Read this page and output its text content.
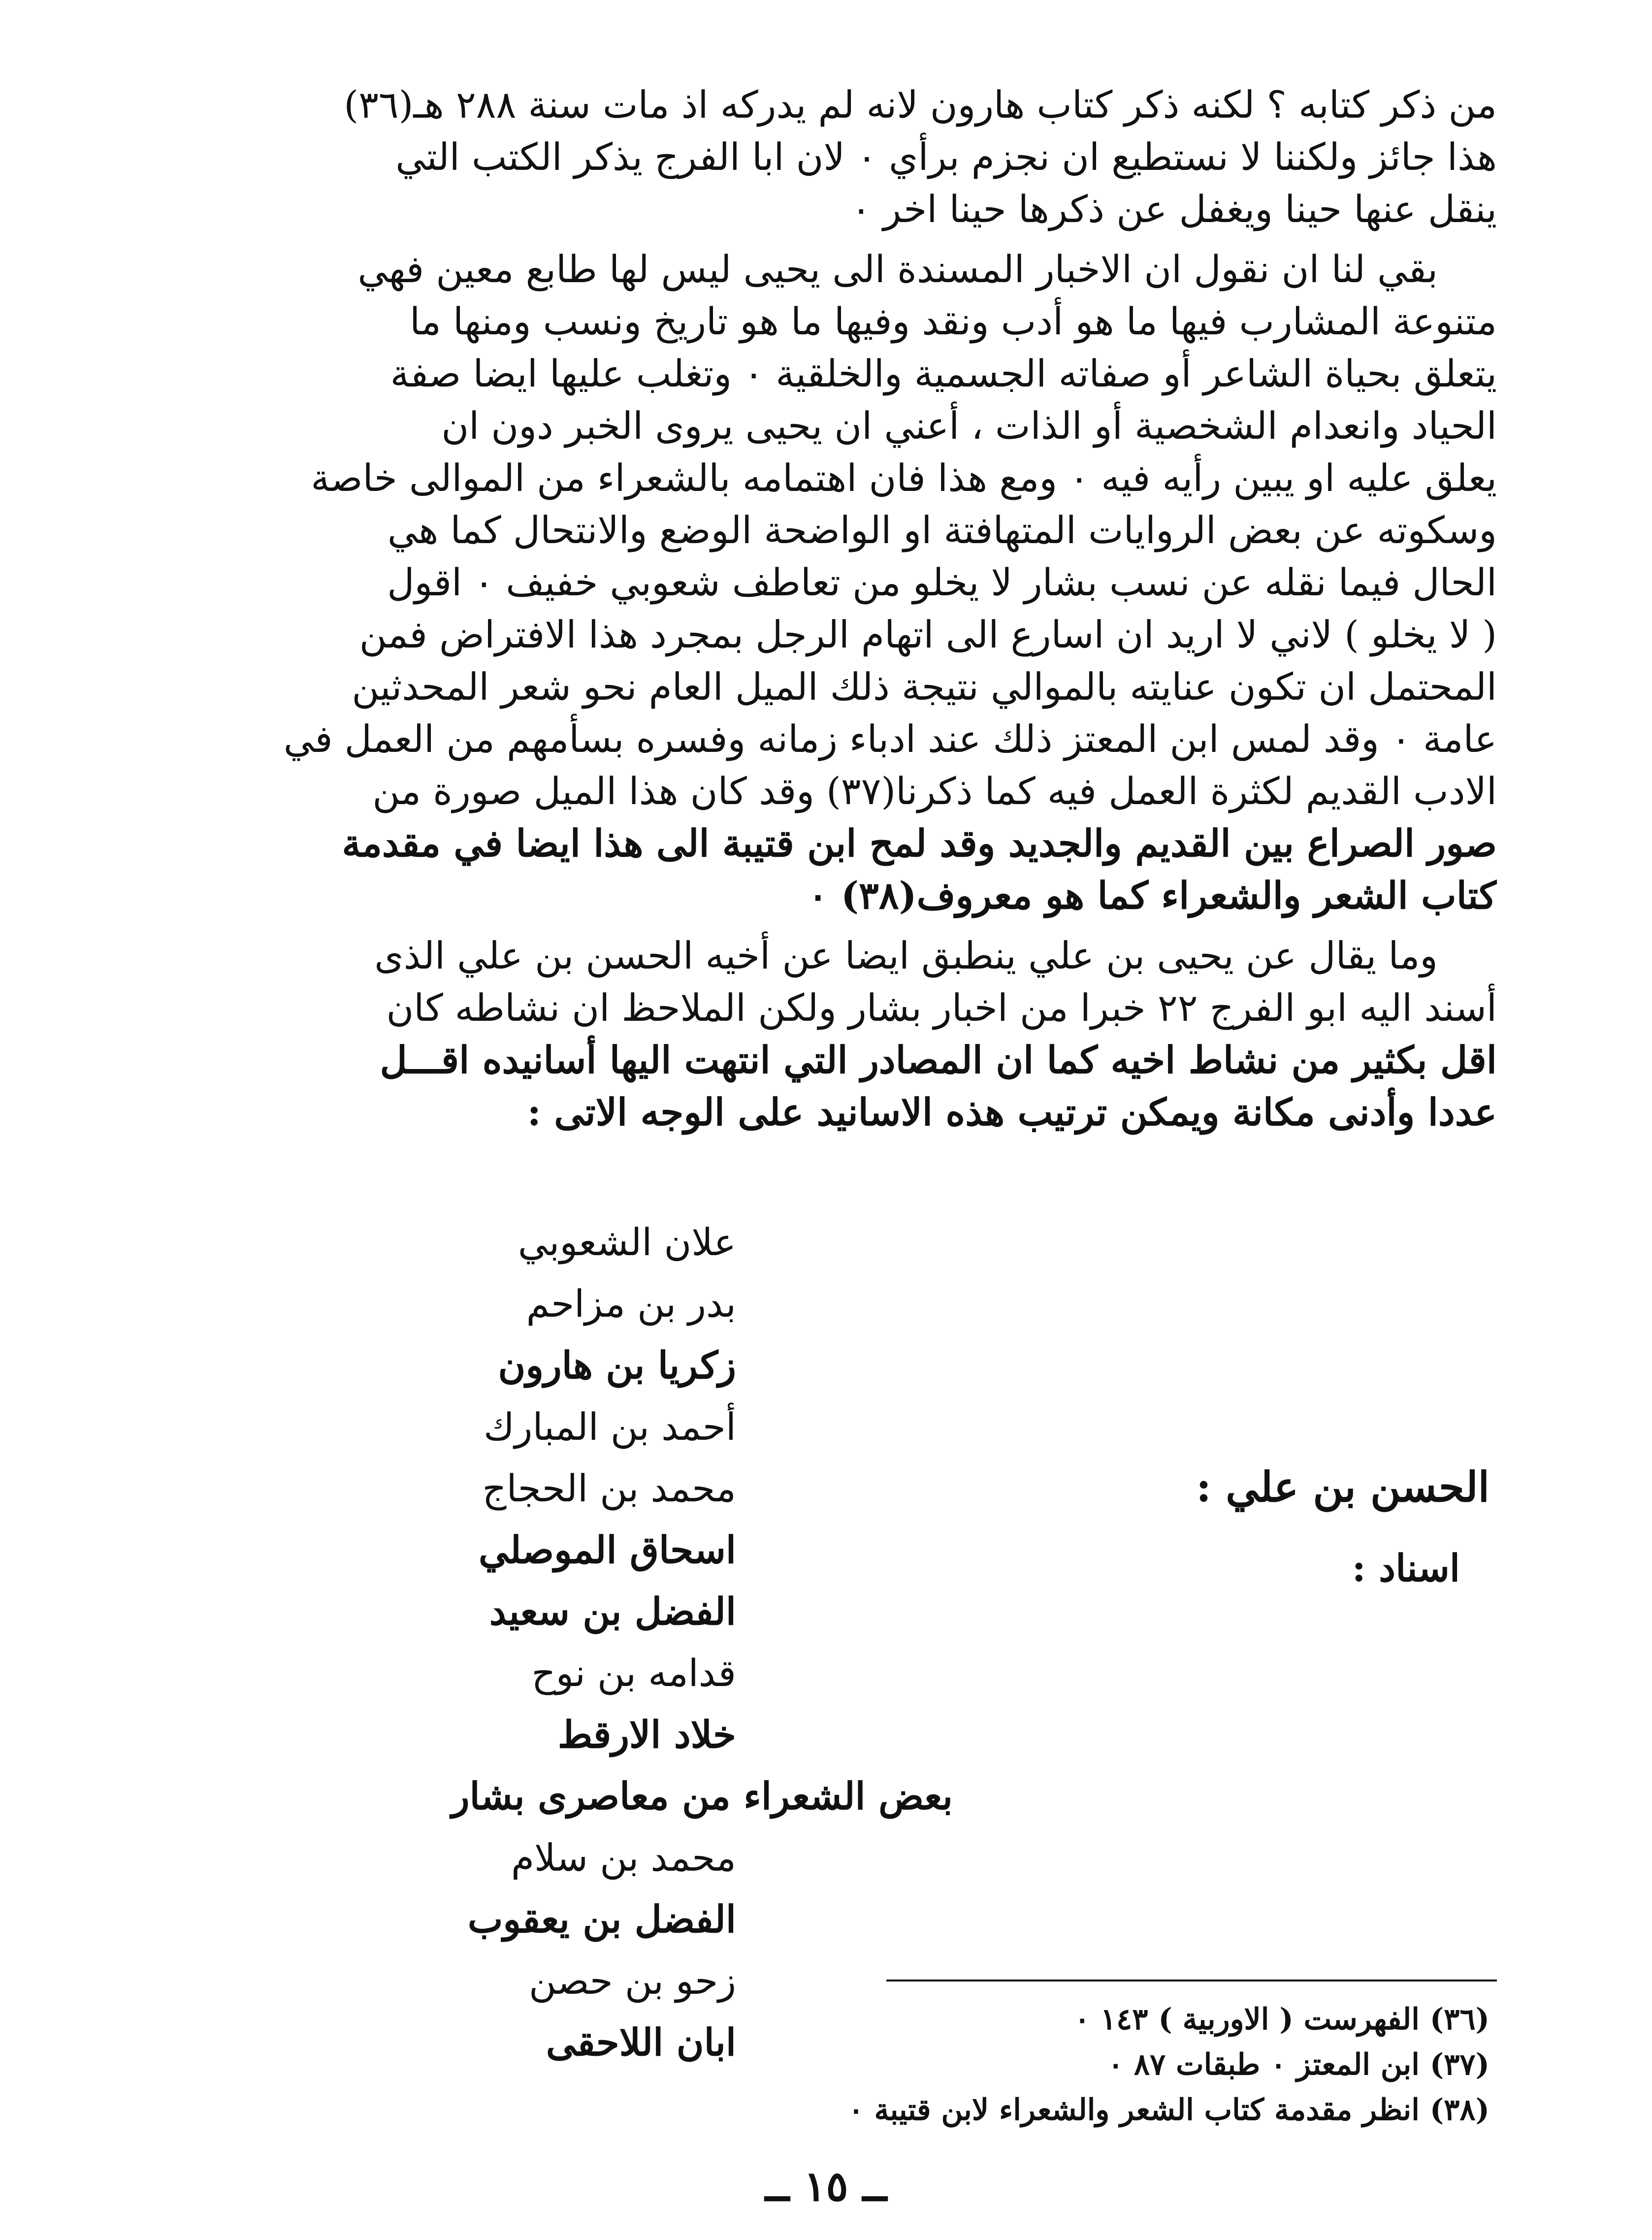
من ذكر كتابه ؟ لكنه ذكر كتاب هارون لانه لم يدركه اذ مات سنة ٢٨٨ هـ(٣٦)
هذا جائز ولكننا لا نستطيع ان نجزم برأي ٠ لان ابا الفرج يذكر الكتب التي
ينقل عنها حينا ويغفل عن ذكرها حينا اخر ٠
بقي لنا ان نقول ان الاخبار المسندة الى يحيى ليس لها طابع معين فهي
متنوعة المشارب فيها ما هو أدب ونقد وفيها ما هو تاريخ ونسب ومنها ما
يتعلق بحياة الشاعر أو صفاته الجسمية والخلقية ٠ وتغلب عليها ايضا صفة
الحياد وانعدام الشخصية أو الذات ، أعني ان يحيى يروى الخبر دون ان
يعلق عليه او يبين رأيه فيه ٠ ومع هذا فان اهتمامه بالشعراء من الموالى خاصة
وسكوته عن بعض الروايات المتهافتة او الواضحة الوضع والانتحال كما هي
الحال فيما نقله عن نسب بشار لا يخلو من تعاطف شعوبي خفيف ٠ اقول
( لا يخلو ) لاني لا اريد ان اسارع الى اتهام الرجل بمجرد هذا الافتراض فمن
المحتمل ان تكون عنايته بالموالي نتيجة ذلك الميل العام نحو شعر المحدثين
عامة ٠ وقد لمس ابن المعتز ذلك عند ادباء زمانه وفسره بسأمهم من العمل في
الادب القديم لكثرة العمل فيه كما ذكرنا(٣٧) وقد كان هذا الميل صورة من
صور الصراع بين القديم والجديد وقد لمح ابن قتيبة الى هذا ايضا في مقدمة
كتاب الشعر والشعراء كما هو معروف(٣٨) ٠
وما يقال عن يحيى بن علي ينطبق ايضا عن أخيه الحسن بن علي الذى
أسند اليه ابو الفرج ٢٢ خبرا من اخبار بشار ولكن الملاحظ ان نشاطه كان
اقل بكثير من نشاط اخيه كما ان المصادر التي انتهت اليها أسانيده اقـــل
عددا وأدنى مكانة ويمكن ترتيب هذه الاسانيد على الوجه الاتى :
الحسن بن علي :
اسناد :
علان الشعوبي
بدر بن مزاحم
زكريا بن هارون
أحمد بن المبارك
محمد بن الحجاج
اسحاق الموصلي
الفضل بن سعيد
قدامه بن نوح
خلاد الارقط
بعض الشعراء من معاصرى بشار
محمد بن سلام
الفضل بن يعقوب
زحو بن حصن
ابان اللاحقى
(٣٦) الفهرست ( الاوربية ) ١٤٣ ٠
(٣٧) ابن المعتز ٠ طبقات ٨٧ ٠
(٣٨) انظر مقدمة كتاب الشعر والشعراء لابن قتيبة ٠
ــ ١٥ ــ
